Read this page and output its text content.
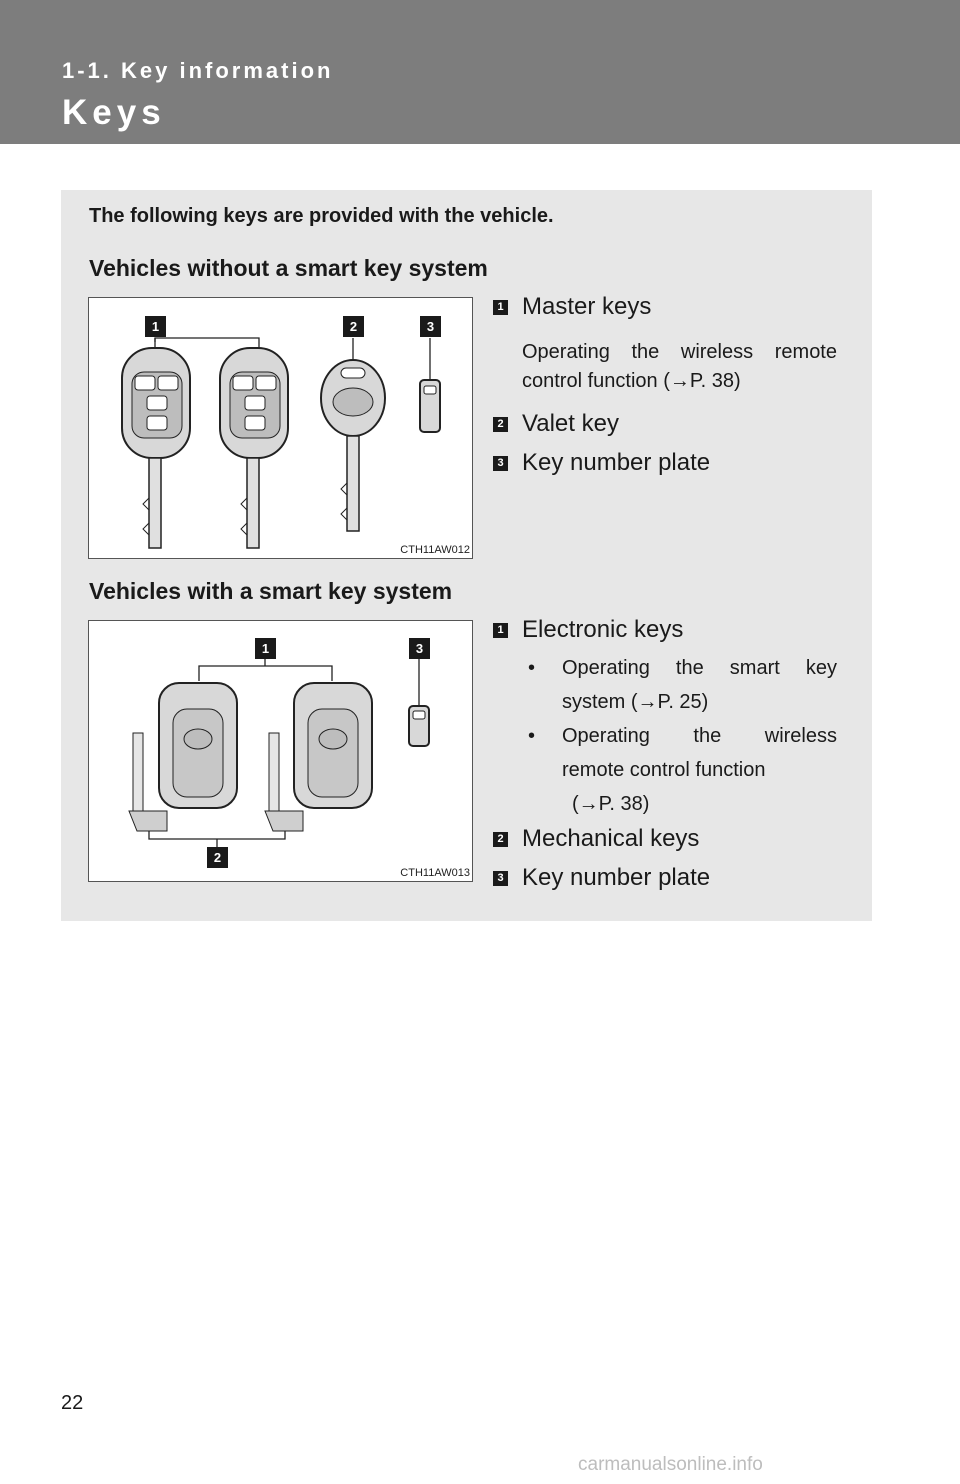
1-1. Key information
Keys
The following keys are provided with the vehicle.
Vehicles without a smart key system
1	2	3
CTH11AW012
1 Master keys
Operating the wireless remote control function (→P. 38)
2 Valet key
3 Key number plate
Vehicles with a smart key system
1	3
2
CTH11AW013
1 Electronic keys
• Operating the smart key
system (→P. 25)
• Operating the wireless
remote control function
(→P. 38)
2 Mechanical keys
3 Key number plate
22
carmanualsonline.info
